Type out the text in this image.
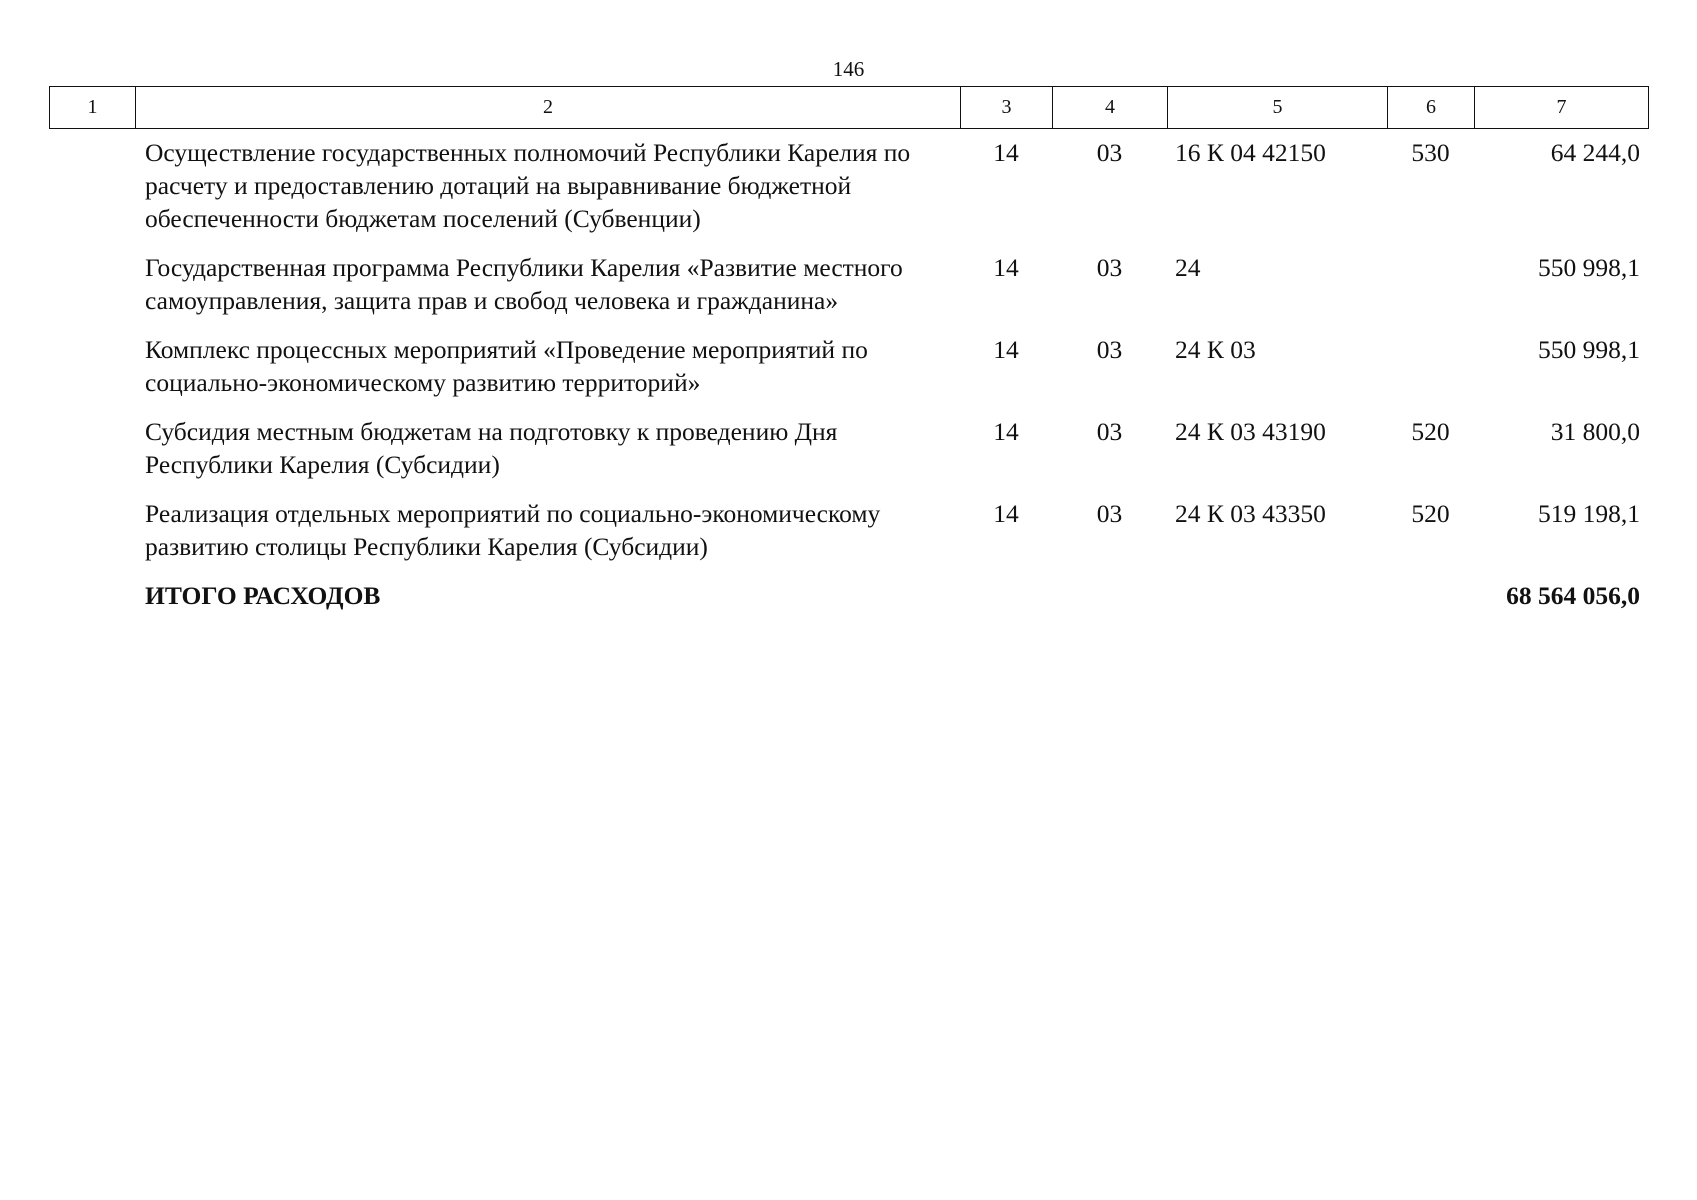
146
1	2	3	4	5	6	7
	Осуществление государственных полномочий Республики Карелия по расчету и предоставлению дотаций на выравнивание бюджетной обеспеченности бюджетам поселений (Субвенции)	14	03	16 К 04 42150	530	64 244,0
	Государственная программа Республики Карелия «Развитие местного самоуправления, защита прав и свобод человека и гражданина»	14	03	24		550 998,1
	Комплекс процессных мероприятий «Проведение мероприятий по социально-экономическому развитию территорий»	14	03	24 К 03		550 998,1
	Субсидия местным бюджетам на подготовку к проведению Дня Республики Карелия (Субсидии)	14	03	24 К 03 43190	520	31 800,0
	Реализация отдельных мероприятий по социально-экономическому развитию столицы Республики Карелия (Субсидии)	14	03	24 К 03 43350	520	519 198,1
	ИТОГО РАСХОДОВ					68 564 056,0
